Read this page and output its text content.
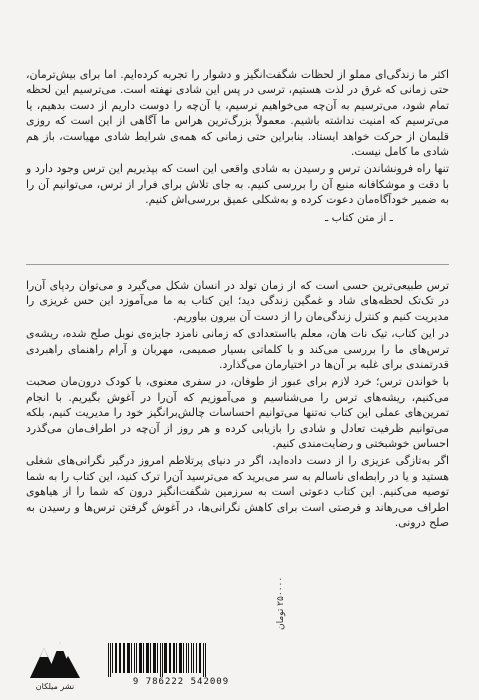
اکثر ما زندگی‌ای مملو از لحظات شگفت‌انگیز و دشوار را تجربه کرده‌ایم. اما برای بیش‌ترمان، حتی زمانی که غرق در لذت هستیم، ترسی در پس این شادی نهفته است. می‌ترسیم این لحظه تمام شود، می‌ترسیم به آن‌چه می‌خواهیم نرسیم، یا آن‌چه را دوست داریم از دست بدهیم، یا می‌ترسیم که امنیت نداشته باشیم. معمولاً بزرگ‌ترین هراس ما آگاهی از این است که روزی قلبمان از حرکت خواهد ایستاد. بنابراین حتی زمانی که همه‌ی شرایط شادی مهیاست، باز هم شادی ما کامل نیست.

تنها راه فرونشاندن ترس و رسیدن به شادی واقعی این است که بپذیریم این ترس وجود دارد و با دقت و موشکافانه منبع آن را بررسی کنیم. به جای تلاش برای فرار از ترس، می‌توانیم آن را به ضمیر خودآگاه‌مان دعوت کرده و به‌شکلی عمیق بررسی‌اش کنیم.

ـ از متن کتاب ـ

ترس طبیعی‌ترین حسی است که از زمان تولد در انسان شکل می‌گیرد و می‌توان ردپای آن‌را در تک‌تک لحظه‌های شاد و غمگین زندگی دید؛ این کتاب به ما می‌آموزد این حس غریزی را مدیریت کنیم و کنترل زندگی‌مان را از دست آن بیرون بیاوریم.

در این کتاب، تیک نات هان، معلم بااستعدادی که زمانی نامزد جایزه‌ی نوبل صلح شده، ریشه‌ی ترس‌های ما را بررسی می‌کند و با کلماتی بسیار صمیمی، مهربان و آرام راهنمای راهبردی قدرتمندی برای غلبه بر آن‌ها در اختیارمان می‌گذارد.

با خواندن ترس؛ خرد لازم برای عبور از طوفان، در سفری معنوی، با کودک درون‌مان صحبت می‌کنیم، ریشه‌های ترس را می‌شناسیم و می‌آموزیم که آن‌را در آغوش بگیریم. با انجام تمرین‌های عملی این کتاب نه‌تنها می‌توانیم احساسات چالش‌برانگیز خود را مدیریت کنیم، بلکه می‌توانیم ظرفیت تعادل و شادی را بازیابی کرده و هر روز از آن‌چه در اطراف‌مان می‌گذرد احساس خوشبختی و رضایت‌مندی کنیم.

اگر به‌تازگی عزیزی را از دست داده‌اید، اگر در دنیای پرتلاطم امروز درگیر نگرانی‌های شغلی هستید و یا در رابطه‌ای ناسالم به سر می‌برید که می‌ترسید آن‌را ترک کنید، این کتاب را به شما توصیه می‌کنیم. این کتاب دعوتی است به سرزمین شگفت‌انگیز درون که شما را از هیاهوی اطراف می‌رهاند و فرصتی است برای کاهش نگرانی‌ها، در آغوش گرفتن ترس‌ها و رسیدن به صلح درونی.

نشر میلکان	9 786222 542009
۲۵۰۰۰۰ تومان
